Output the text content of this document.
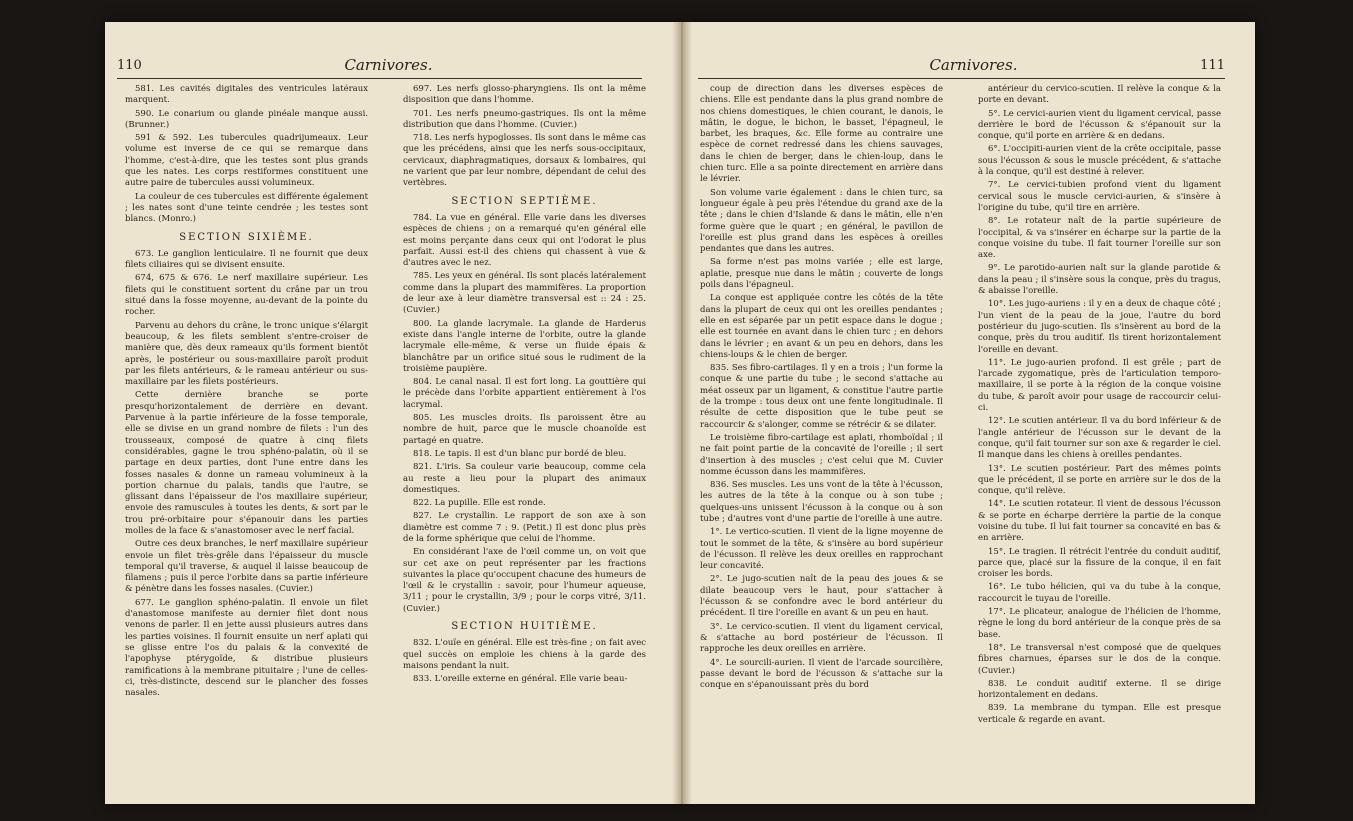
110	Carnivores.

581. Les cavités digitales des ventricules latéraux marquent.

590. Le conarium ou glande pinéale manque aussi. (Brunner.)

591 & 592. Les tubercules quadrijumeaux. Leur volume est inverse de ce qui se remarque dans l'homme, c'est-à-dire, que les testes sont plus grands que les nates. Les corps restiformes constituent une autre paire de tubercules aussi volumineux.

La couleur de ces tubercules est différente également ; les nates sont d'une teinte cendrée ; les testes sont blancs. (Monro.)

SECTION SIXIÈME.

673. Le ganglion lenticulaire. Il ne fournit que deux filets ciliaires qui se divisent ensuite.

674, 675 & 676. Le nerf maxillaire supérieur. Les filets qui le constituent sortent du crâne par un trou situé dans la fosse moyenne, au-devant de la pointe du rocher.

Parvenu au dehors du crâne, le tronc unique s'élargit beaucoup, & les filets semblent s'entre-croiser de manière que, dès deux rameaux qu'ils forment bientôt après, le postérieur ou sous-maxillaire paroît produit par les filets antérieurs, & le rameau antérieur ou sus-maxillaire par les filets postérieurs.

Cette dernière branche se porte presqu'horizontalement de derrière en devant. Parvenue à la partie inférieure de la fosse temporale, elle se divise en un grand nombre de filets : l'un des trousseaux, composé de quatre à cinq filets considérables, gagne le trou sphéno-palatin, où il se partage en deux parties, dont l'une entre dans les fosses nasales & donne un rameau volumineux à la portion charnue du palais, tandis que l'autre, se glissant dans l'épaisseur de l'os maxillaire supérieur, envoie des ramuscules à toutes les dents, & sort par le trou pré-orbitaire pour s'épanouir dans les parties molles de la face & s'anastomoser avec le nerf facial.

Outre ces deux branches, le nerf maxillaire supérieur envoie un filet très-grêle dans l'épaisseur du muscle temporal qu'il traverse, & auquel il laisse beaucoup de filamens ; puis il perce l'orbite dans sa partie inférieure & pénètre dans les fosses nasales. (Cuvier.)

677. Le ganglion sphéno-palatin. Il envoie un filet d'anastomose manifeste au dernier filet dont nous venons de parler. Il en jette aussi plusieurs autres dans les parties voisines. Il fournit ensuite un nerf aplati qui se glisse entre l'os du palais & la convexité de l'apophyse ptérygoïde, & distribue plusieurs ramifications à la membrane pituitaire ; l'une de celles-ci, très-distincte, descend sur le plancher des fosses nasales.

697. Les nerfs glosso-pharyngiens. Ils ont la même disposition que dans l'homme.

701. Les nerfs pneumo-gastriques. Ils ont la même distribution que dans l'homme. (Cuvier.)

718. Les nerfs hypoglosses. Ils sont dans le même cas que les précédens, ainsi que les nerfs sous-occipitaux, cervicaux, diaphragmatiques, dorsaux & lombaires, qui ne varient que par leur nombre, dépendant de celui des vertèbres.

SECTION SEPTIÈME.

784. La vue en général. Elle varie dans les diverses espèces de chiens ; on a remarqué qu'en général elle est moins perçante dans ceux qui ont l'odorat le plus parfait. Aussi est-il des chiens qui chassent à vue & d'autres avec le nez.

785. Les yeux en général. Ils sont placés latéralement comme dans la plupart des mammifères. La proportion de leur axe à leur diamètre transversal est :: 24 : 25. (Cuvier.)

800. La glande lacrymale. La glande de Harderus existe dans l'angle interne de l'orbite, outre la glande lacrymale elle-même, & verse un fluide épais & blanchâtre par un orifice situé sous le rudiment de la troisième paupière.

804. Le canal nasal. Il est fort long. La gouttière qui le précède dans l'orbite appartient entièrement à l'os lacrymal.

805. Les muscles droits. Ils paroissent être au nombre de huit, parce que le muscle choanoïde est partagé en quatre.

818. Le tapis. Il est d'un blanc pur bordé de bleu.

821. L'iris. Sa couleur varie beaucoup, comme cela au reste a lieu pour la plupart des animaux domestiques.

822. La pupille. Elle est ronde.

827. Le crystallin. Le rapport de son axe à son diamètre est comme 7 : 9. (Petit.) Il est donc plus près de la forme sphérique que celui de l'homme.

En considérant l'axe de l'œil comme un, on voit que sur cet axe on peut représenter par les fractions suivantes la place qu'occupent chacune des humeurs de l'œil & le crystallin : savoir, pour l'humeur aqueuse, 3/11 ; pour le crystallin, 3/9 ; pour le corps vitré, 3/11. (Cuvier.)

SECTION HUITIÈME.

832. L'ouïe en général. Elle est très-fine ; on fait avec quel succès on emploie les chiens à la garde des maisons pendant la nuit.

833. L'oreille externe en général. Elle varie beau-

Carnivores.	111

coup de direction dans les diverses espèces de chiens. Elle est pendante dans la plus grand nombre de nos chiens domestiques, le chien courant, le danois, le mâtin, le dogue, le bichon, le basset, l'épagneul, le barbet, les braques, &c. Elle forme au contraire une espèce de cornet redressé dans les chiens sauvages, dans le chien de berger, dans le chien-loup, dans le chien turc. Elle a sa pointe directement en arrière dans le lévrier.

Son volume varie également : dans le chien turc, sa longueur égale à peu près l'étendue du grand axe de la tête ; dans le chien d'Islande & dans le mâtin, elle n'en forme guère que le quart ; en général, le pavillon de l'oreille est plus grand dans les espèces à oreilles pendantes que dans les autres.

Sa forme n'est pas moins variée ; elle est large, aplatie, presque nue dans le mâtin ; couverte de longs poils dans l'épagneul.

La conque est appliquée contre les côtés de la tête dans la plupart de ceux qui ont les oreilles pendantes ; elle en est séparée par un petit espace dans le dogue ; elle est tournée en avant dans le chien turc ; en dehors dans le lévrier ; en avant & un peu en dehors, dans les chiens-loups & le chien de berger.

835. Ses fibro-cartilages. Il y en a trois ; l'un forme la conque & une partie du tube ; le second s'attache au méat osseux par un ligament, & constitue l'autre partie de la trompe : tous deux ont une fente longitudinale. Il résulte de cette disposition que le tube peut se raccourcir & s'alonger, comme se rétrécir & se dilater.

Le troisième fibro-cartilage est aplati, rhomboïdal ; il ne fait point partie de la concavité de l'oreille ; il sert d'insertion à des muscles ; c'est celui que M. Cuvier nomme écusson dans les mammifères.

836. Ses muscles. Les uns vont de la tête à l'écusson, les autres de la tête à la conque ou à son tube ; quelques-uns unissent l'écusson à la conque ou à son tube ; d'autres vont d'une partie de l'oreille à une autre.

1°. Le vertico-scutien. Il vient de la ligne moyenne de tout le sommet de la tête, & s'insère au bord supérieur de l'écusson. Il relève les deux oreilles en rapprochant leur concavité.

2°. Le jugo-scutien naît de la peau des joues & se dilate beaucoup vers le haut, pour s'attacher à l'écusson & se confondre avec le bord antérieur du précédent. Il tire l'oreille en avant & un peu en haut.

3°. Le cervico-scutien. Il vient du ligament cervical, & s'attache au bord postérieur de l'écusson. Il rapproche les deux oreilles en arrière.

4°. Le sourcili-aurien. Il vient de l'arcade sourcilière, passe devant le bord de l'écusson & s'attache sur la conque en s'épanouissant près du bord

antérieur du cervico-scutien. Il relève la conque & la porte en devant.

5°. Le cervici-aurien vient du ligament cervical, passe derrière le bord de l'écusson & s'épanouit sur la conque, qu'il porte en arrière & en dedans.

6°. L'occipiti-aurien vient de la crête occipitale, passe sous l'écusson & sous le muscle précédent, & s'attache à la conque, qu'il est destiné à relever.

7°. Le cervici-tubien profond vient du ligament cervical sous le muscle cervici-aurien, & s'insère à l'origine du tube, qu'il tire en arrière.

8°. Le rotateur naît de la partie supérieure de l'occipital, & va s'insérer en écharpe sur la partie de la conque voisine du tube. Il fait tourner l'oreille sur son axe.

9°. Le parotido-aurien naît sur la glande parotide & dans la peau ; il s'insère sous la conque, près du tragus, & abaisse l'oreille.

10°. Les jugo-auriens : il y en a deux de chaque côté ; l'un vient de la peau de la joue, l'autre du bord postérieur du jugo-scutien. Ils s'insèrent au bord de la conque, près du trou auditif. Ils tirent horizontalement l'oreille en devant.

11°. Le jugo-aurien profond. Il est grêle ; part de l'arcade zygomatique, près de l'articulation temporo-maxillaire, il se porte à la région de la conque voisine du tube, & paroît avoir pour usage de raccourcir celui-ci.

12°. Le scutien antérieur. Il va du bord inférieur & de l'angle antérieur de l'écusson sur le devant de la conque, qu'il fait tourner sur son axe & regarder le ciel. Il manque dans les chiens à oreilles pendantes.

13°. Le scutien postérieur. Part des mêmes points que le précédent, il se porte en arrière sur le dos de la conque, qu'il relève.

14°. Le scutien rotateur. Il vient de dessous l'écusson & se porte en écharpe derrière la partie de la conque voisine du tube. Il lui fait tourner sa concavité en bas & en arrière.

15°. Le tragien. Il rétrécit l'entrée du conduit auditif, parce que, placé sur la fissure de la conque, il en fait croiser les bords.

16°. Le tubo hélicien, qui va du tube à la conque, raccourcit le tuyau de l'oreille.

17°. Le plicateur, analogue de l'hélicien de l'homme, règne le long du bord antérieur de la conque près de sa base.

18°. Le transversal n'est composé que de quelques fibres charnues, éparses sur le dos de la conque. (Cuvier.)

838. Le conduit auditif externe. Il se dirige horizontalement en dedans.

839. La membrane du tympan. Elle est presque verticale & regarde en avant.
